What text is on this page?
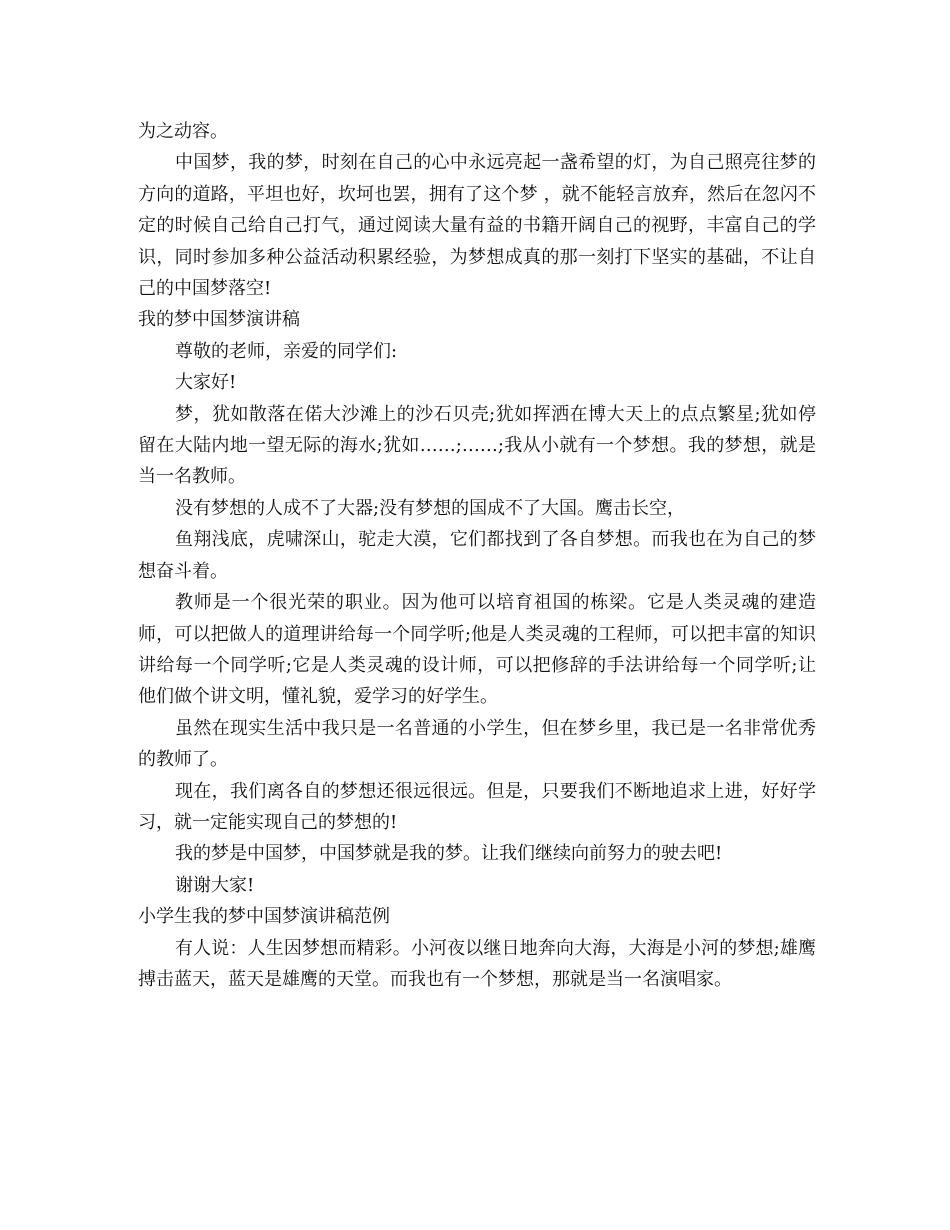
为之动容。

中国梦，我的梦，时刻在自己的心中永远亮起一盏希望的灯，为自己照亮往梦的方向的道路，平坦也好，坎坷也罢，拥有了这个梦 ，就不能轻言放弃，然后在忽闪不定的时候自己给自己打气，通过阅读大量有益的书籍开阔自己的视野，丰富自己的学识，同时参加多种公益活动积累经验，为梦想成真的那一刻打下坚实的基础，不让自己的中国梦落空!

我的梦中国梦演讲稿

尊敬的老师，亲爱的同学们:

大家好!

梦，犹如散落在偌大沙滩上的沙石贝壳;犹如挥洒在博大天上的点点繁星;犹如停留在大陆内地一望无际的海水;犹如……;……;我从小就有一个梦想。我的梦想，就是当一名教师。

没有梦想的人成不了大器;没有梦想的国成不了大国。鹰击长空，

鱼翔浅底，虎啸深山，驼走大漠，它们都找到了各自梦想。而我也在为自己的梦想奋斗着。

教师是一个很光荣的职业。因为他可以培育祖国的栋梁。它是人类灵魂的建造师，可以把做人的道理讲给每一个同学听;他是人类灵魂的工程师，可以把丰富的知识讲给每一个同学听;它是人类灵魂的设计师，可以把修辞的手法讲给每一个同学听;让他们做个讲文明，懂礼貌，爱学习的好学生。

虽然在现实生活中我只是一名普通的小学生，但在梦乡里，我已是一名非常优秀的教师了。

现在，我们离各自的梦想还很远很远。但是，只要我们不断地追求上进，好好学习，就一定能实现自己的梦想的!

我的梦是中国梦，中国梦就是我的梦。让我们继续向前努力的驶去吧!

谢谢大家!

小学生我的梦中国梦演讲稿范例

有人说：人生因梦想而精彩。小河夜以继日地奔向大海，大海是小河的梦想;雄鹰搏击蓝天，蓝天是雄鹰的天堂。而我也有一个梦想，那就是当一名演唱家。
